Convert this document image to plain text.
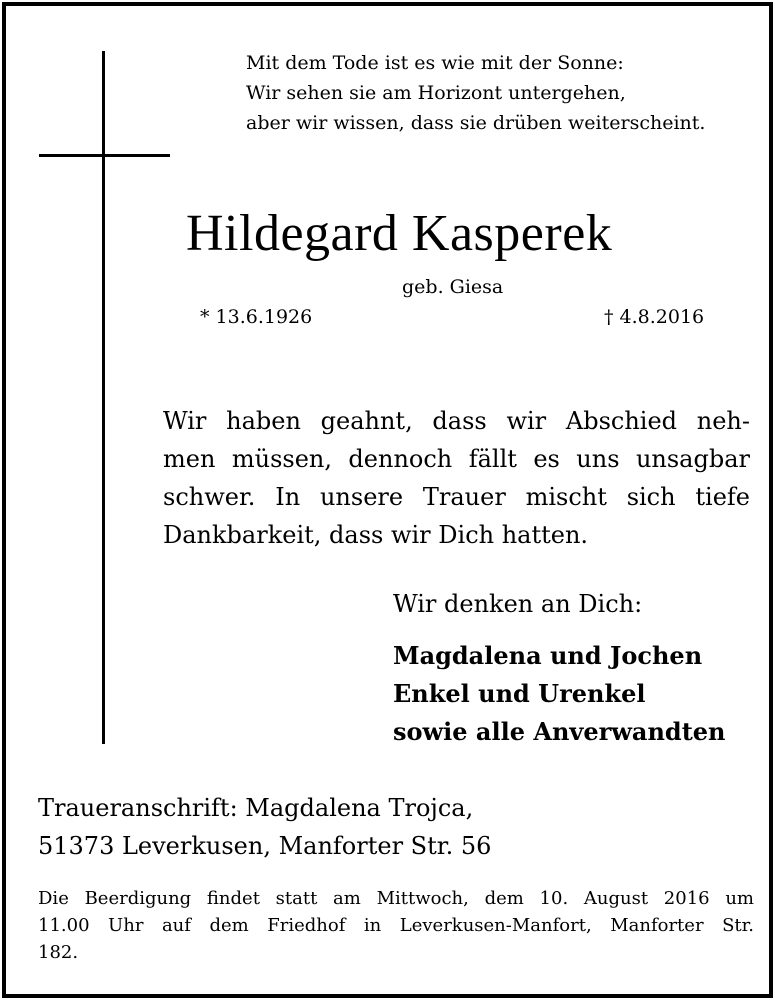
Mit dem Tode ist es wie mit der Sonne:
Wir sehen sie am Horizont untergehen,
aber wir wissen, dass sie drüben weiterscheint.
Hildegard Kasperek
geb. Giesa
* 13.6.1926	† 4.8.2016
Wir haben geahnt, dass wir Abschied neh-
men müssen, dennoch fällt es uns unsagbar
schwer. In unsere Trauer mischt sich tiefe
Dankbarkeit, dass wir Dich hatten.
Wir denken an Dich:
Magdalena und Jochen
Enkel und Urenkel
sowie alle Anverwandten
Traueranschrift: Magdalena Trojca,
51373 Leverkusen, Manforter Str. 56
Die Beerdigung findet statt am Mittwoch, dem 10. August 2016 um
11.00 Uhr auf dem Friedhof in Leverkusen-Manfort, Manforter Str.
182.
